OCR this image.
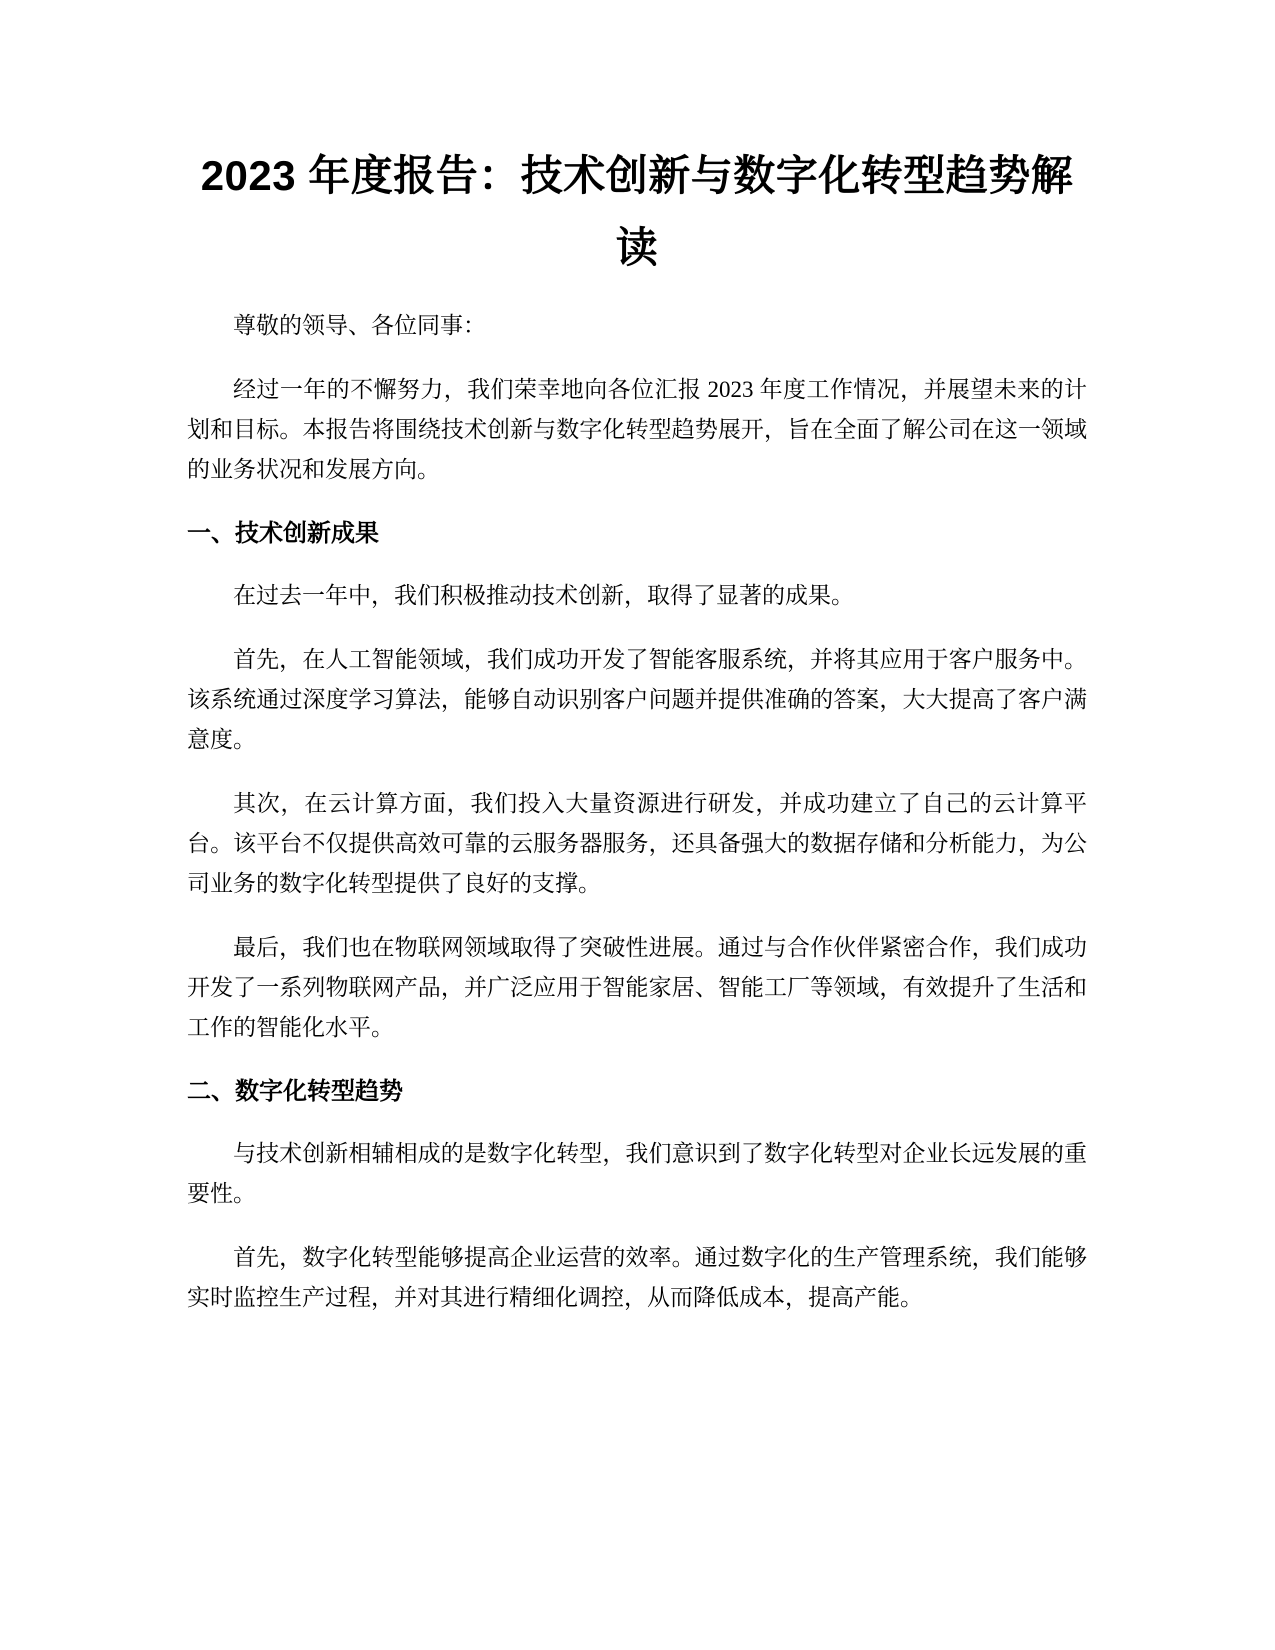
2023 年度报告：技术创新与数字化转型趋势解读

尊敬的领导、各位同事：

经过一年的不懈努力，我们荣幸地向各位汇报 2023 年度工作情况，并展望未来的计划和目标。本报告将围绕技术创新与数字化转型趋势展开，旨在全面了解公司在这一领域的业务状况和发展方向。

一、技术创新成果

在过去一年中，我们积极推动技术创新，取得了显著的成果。

首先，在人工智能领域，我们成功开发了智能客服系统，并将其应用于客户服务中。该系统通过深度学习算法，能够自动识别客户问题并提供准确的答案，大大提高了客户满意度。

其次，在云计算方面，我们投入大量资源进行研发，并成功建立了自己的云计算平台。该平台不仅提供高效可靠的云服务器服务，还具备强大的数据存储和分析能力，为公司业务的数字化转型提供了良好的支撑。

最后，我们也在物联网领域取得了突破性进展。通过与合作伙伴紧密合作，我们成功开发了一系列物联网产品，并广泛应用于智能家居、智能工厂等领域，有效提升了生活和工作的智能化水平。

二、数字化转型趋势

与技术创新相辅相成的是数字化转型，我们意识到了数字化转型对企业长远发展的重要性。

首先，数字化转型能够提高企业运营的效率。通过数字化的生产管理系统，我们能够实时监控生产过程，并对其进行精细化调控，从而降低成本，提高产能。
